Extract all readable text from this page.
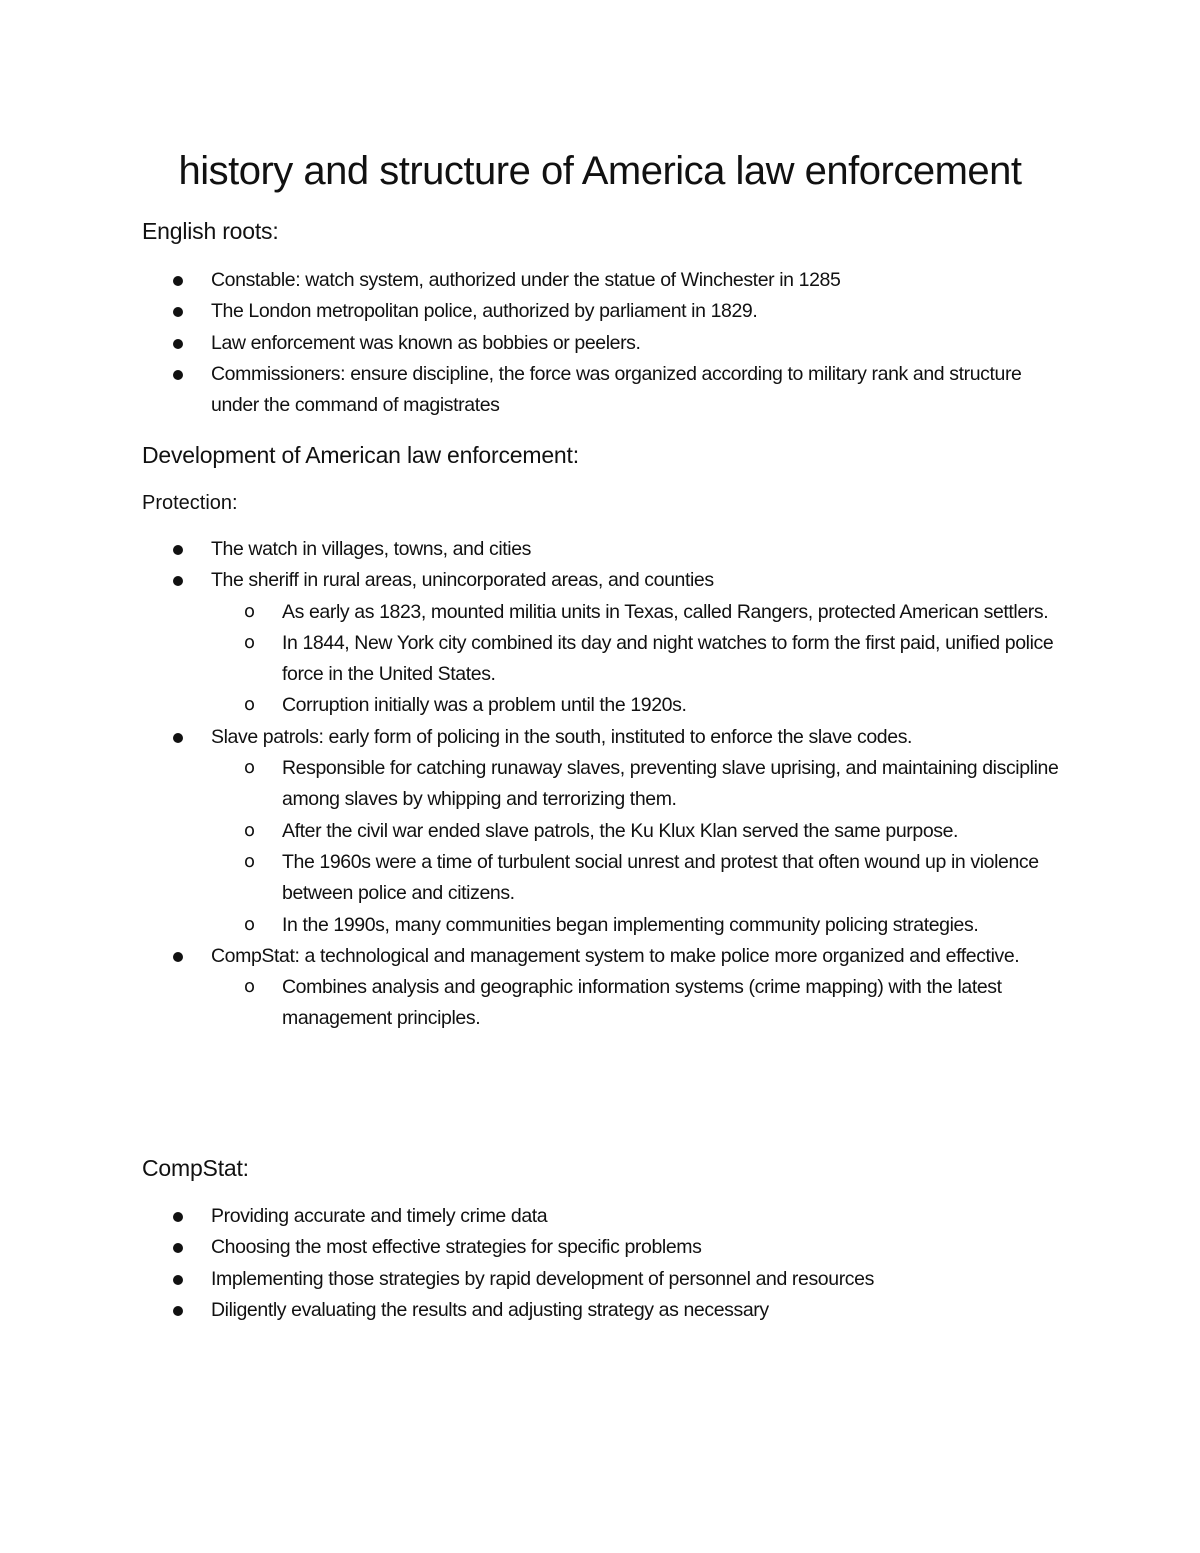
history and structure of America law enforcement
English roots:
Constable: watch system, authorized under the statue of Winchester in 1285
The London metropolitan police, authorized by parliament in 1829.
Law enforcement was known as bobbies or peelers.
Commissioners: ensure discipline, the force was organized according to military rank and structure under the command of magistrates
Development of American law enforcement:
Protection:
The watch in villages, towns, and cities
The sheriff in rural areas, unincorporated areas, and counties
o As early as 1823, mounted militia units in Texas, called Rangers, protected American settlers.
o In 1844, New York city combined its day and night watches to form the first paid, unified police force in the United States.
o Corruption initially was a problem until the 1920s.
Slave patrols: early form of policing in the south, instituted to enforce the slave codes.
o Responsible for catching runaway slaves, preventing slave uprising, and maintaining discipline among slaves by whipping and terrorizing them.
o After the civil war ended slave patrols, the Ku Klux Klan served the same purpose.
o The 1960s were a time of turbulent social unrest and protest that often wound up in violence between police and citizens.
o In the 1990s, many communities began implementing community policing strategies.
CompStat: a technological and management system to make police more organized and effective.
o Combines analysis and geographic information systems (crime mapping) with the latest management principles.
CompStat:
Providing accurate and timely crime data
Choosing the most effective strategies for specific problems
Implementing those strategies by rapid development of personnel and resources
Diligently evaluating the results and adjusting strategy as necessary
